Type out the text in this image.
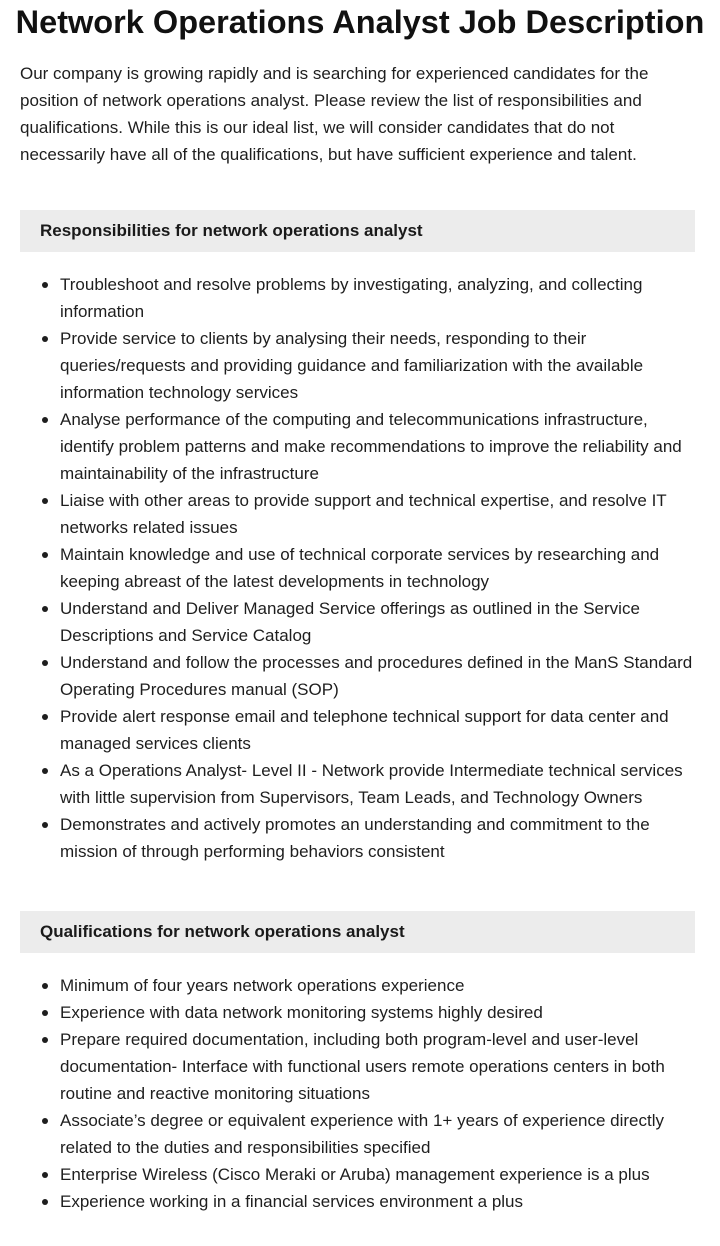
Network Operations Analyst Job Description

Our company is growing rapidly and is searching for experienced candidates for the position of network operations analyst. Please review the list of responsibilities and qualifications. While this is our ideal list, we will consider candidates that do not necessarily have all of the qualifications, but have sufficient experience and talent.

Responsibilities for network operations analyst
Troubleshoot and resolve problems by investigating, analyzing, and collecting information
Provide service to clients by analysing their needs, responding to their queries/requests and providing guidance and familiarization with the available information technology services
Analyse performance of the computing and telecommunications infrastructure, identify problem patterns and make recommendations to improve the reliability and maintainability of the infrastructure
Liaise with other areas to provide support and technical expertise, and resolve IT networks related issues
Maintain knowledge and use of technical corporate services by researching and keeping abreast of the latest developments in technology
Understand and Deliver Managed Service offerings as outlined in the Service Descriptions and Service Catalog
Understand and follow the processes and procedures defined in the ManS Standard Operating Procedures manual (SOP)
Provide alert response email and telephone technical support for data center and managed services clients
As a Operations Analyst- Level II - Network provide Intermediate technical services with little supervision from Supervisors, Team Leads, and Technology Owners
Demonstrates and actively promotes an understanding and commitment to the mission of through performing behaviors consistent
Qualifications for network operations analyst
Minimum of four years network operations experience
Experience with data network monitoring systems highly desired
Prepare required documentation, including both program-level and user-level documentation- Interface with functional users remote operations centers in both routine and reactive monitoring situations
Associate’s degree or equivalent experience with 1+ years of experience directly related to the duties and responsibilities specified
Enterprise Wireless (Cisco Meraki or Aruba) management experience is a plus
Experience working in a financial services environment a plus
